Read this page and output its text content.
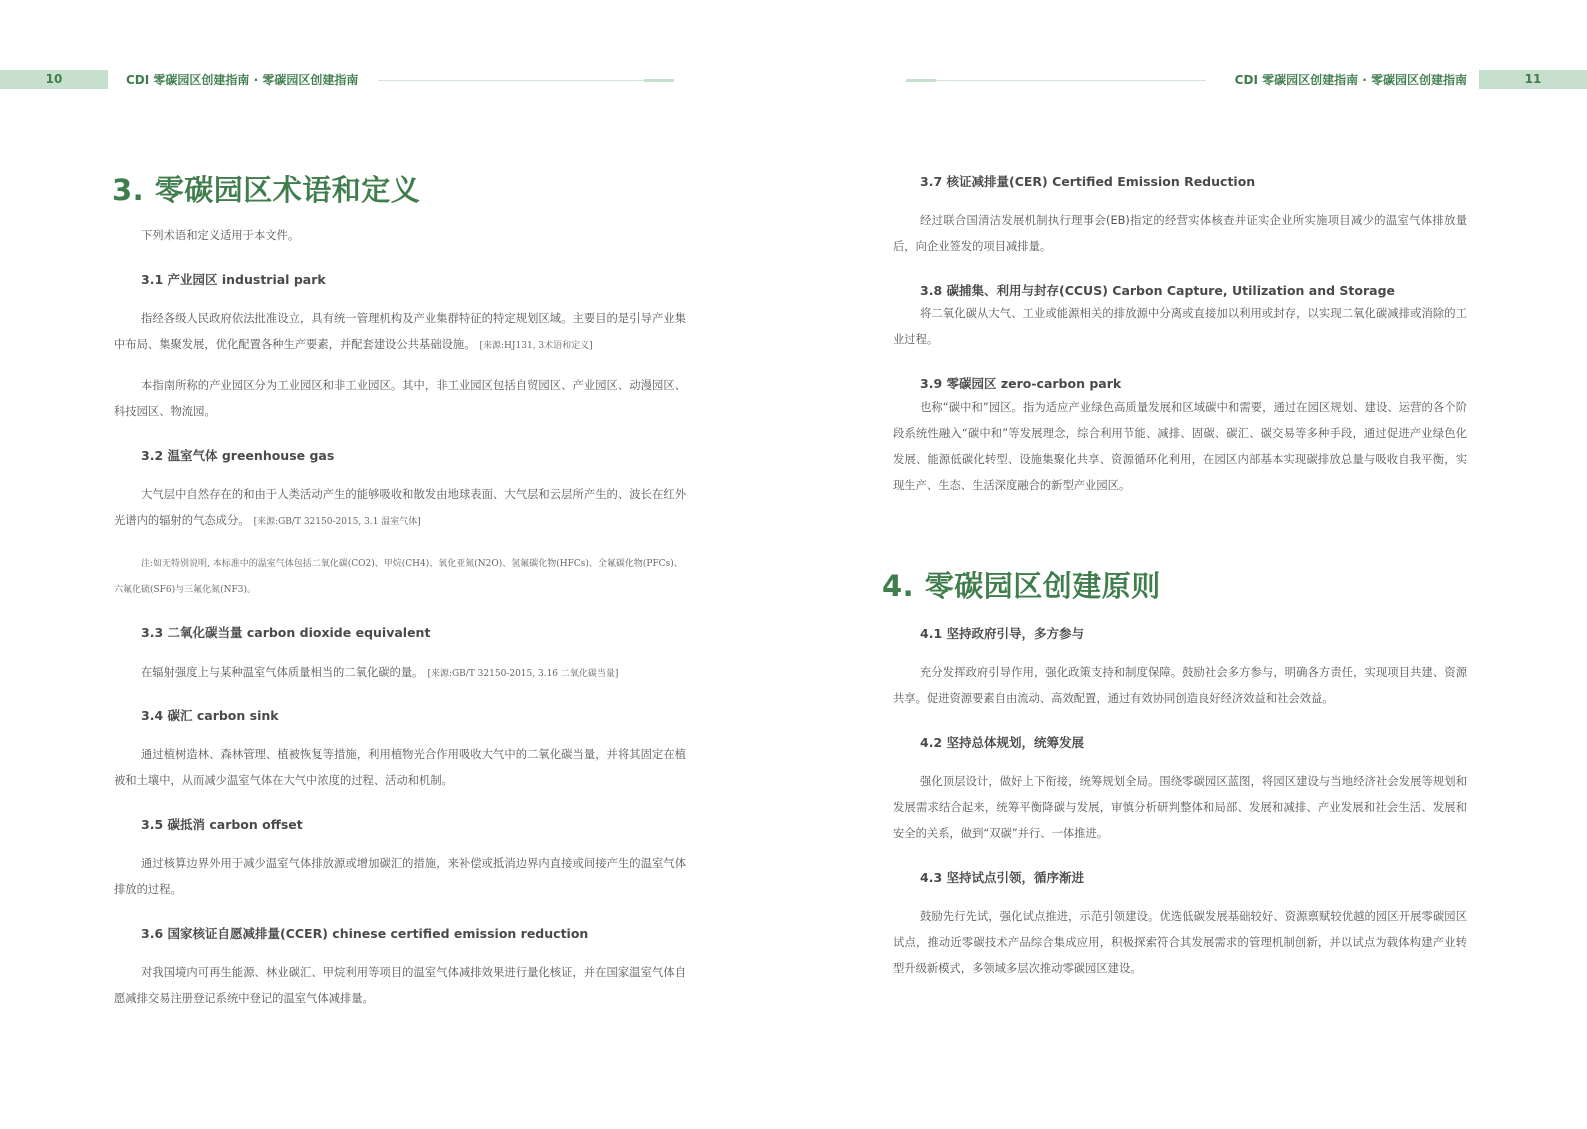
10	CDI 零碳园区创建指南 · 零碳园区创建指南
3. 零碳园区术语和定义
下列术语和定义适用于本文件。
3.1 产业园区 industrial park
指经各级人民政府依法批准设立，具有统一管理机构及产业集群特征的特定规划区域。主要目的是引导产业集中布局、集聚发展，优化配置各种生产要素，并配套建设公共基础设施。 [来源:HJ131, 3术语和定义]
本指南所称的产业园区分为工业园区和非工业园区。其中，非工业园区包括自贸园区、产业园区、动漫园区、科技园区、物流园。
3.2 温室气体 greenhouse gas
大气层中自然存在的和由于人类活动产生的能够吸收和散发由地球表面、大气层和云层所产生的、波长在红外光谱内的辐射的气态成分。 [来源:GB/T 32150-2015, 3.1 温室气体]
注:如无特别说明, 本标准中的温室气体包括二氧化碳(CO2)、甲烷(CH4)、氧化亚氮(N2O)、氢氟碳化物(HFCs)、全氟碳化物(PFCs)、六氟化硫(SF6)与三氟化氮(NF3)。
3.3 二氧化碳当量 carbon dioxide equivalent
在辐射强度上与某种温室气体质量相当的二氧化碳的量。 [来源:GB/T 32150-2015, 3.16 二氧化碳当量]
3.4 碳汇 carbon sink
通过植树造林、森林管理、植被恢复等措施，利用植物光合作用吸收大气中的二氧化碳当量，并将其固定在植被和土壤中，从而减少温室气体在大气中浓度的过程、活动和机制。
3.5 碳抵消 carbon offset
通过核算边界外用于减少温室气体排放源或增加碳汇的措施，来补偿或抵消边界内直接或间接产生的温室气体排放的过程。
3.6 国家核证自愿减排量(CCER) chinese certified emission reduction
对我国境内可再生能源、林业碳汇、甲烷利用等项目的温室气体减排效果进行量化核证，并在国家温室气体自愿减排交易注册登记系统中登记的温室气体减排量。
CDI 零碳园区创建指南 · 零碳园区创建指南	11
3.7 核证减排量(CER) Certified Emission Reduction
经过联合国清洁发展机制执行理事会(EB)指定的经营实体核查并证实企业所实施项目减少的温室气体排放量后，向企业签发的项目减排量。
3.8 碳捕集、利用与封存(CCUS) Carbon Capture, Utilization and Storage
将二氧化碳从大气、工业或能源相关的排放源中分离或直接加以利用或封存，以实现二氧化碳减排或消除的工业过程。
3.9 零碳园区 zero-carbon park
也称“碳中和”园区。指为适应产业绿色高质量发展和区域碳中和需要，通过在园区规划、建设、运营的各个阶段系统性融入“碳中和”等发展理念，综合利用节能、减排、固碳、碳汇、碳交易等多种手段，通过促进产业绿色化发展、能源低碳化转型、设施集聚化共享、资源循环化利用，在园区内部基本实现碳排放总量与吸收自我平衡，实现生产、生态、生活深度融合的新型产业园区。
4. 零碳园区创建原则
4.1 坚持政府引导，多方参与
充分发挥政府引导作用，强化政策支持和制度保障。鼓励社会多方参与，明确各方责任，实现项目共建、资源共享。促进资源要素自由流动、高效配置，通过有效协同创造良好经济效益和社会效益。
4.2 坚持总体规划，统筹发展
强化顶层设计，做好上下衔接，统筹规划全局。围绕零碳园区蓝图，将园区建设与当地经济社会发展等规划和发展需求结合起来，统筹平衡降碳与发展，审慎分析研判整体和局部、发展和减排、产业发展和社会生活、发展和安全的关系，做到“双碳”并行、一体推进。
4.3 坚持试点引领，循序渐进
鼓励先行先试，强化试点推进，示范引领建设。优选低碳发展基础较好、资源禀赋较优越的园区开展零碳园区试点，推动近零碳技术产品综合集成应用，积极探索符合其发展需求的管理机制创新，并以试点为载体构建产业转型升级新模式，多领域多层次推动零碳园区建设。
